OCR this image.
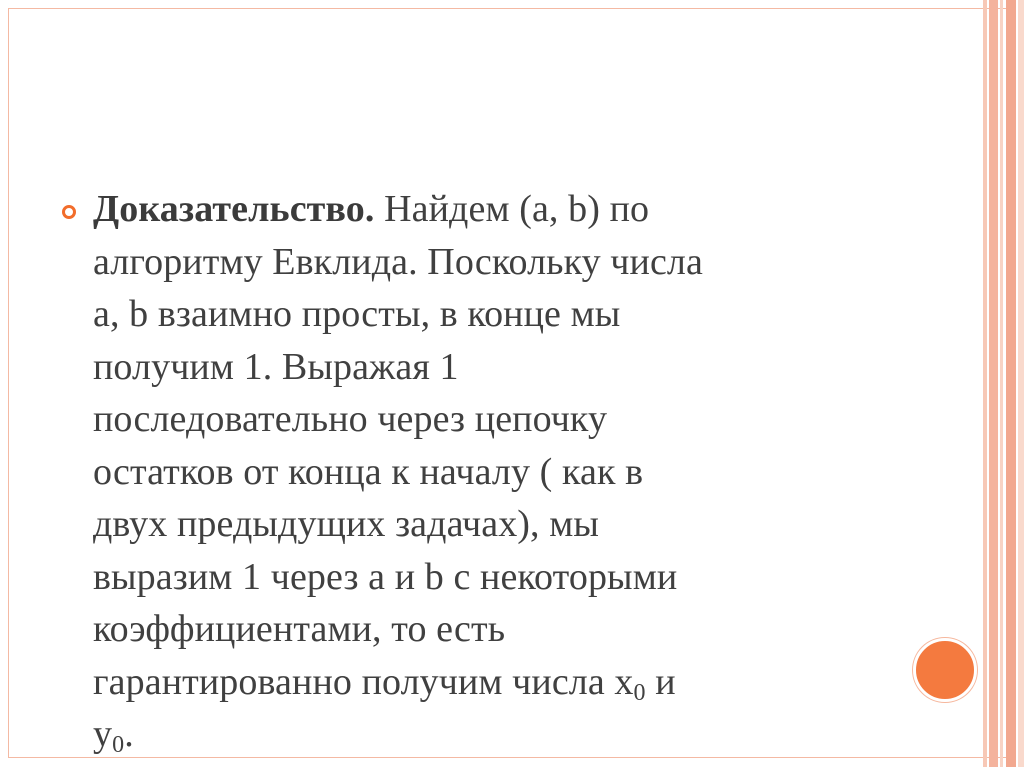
Доказательство. Найдем (a, b) по
алгоритму Евклида. Поскольку числа
a, b взаимно просты, в конце мы
получим 1. Выражая 1
последовательно через цепочку
остатков от конца к началу ( как в
двух предыдущих задачах), мы
выразим 1 через a и b с некоторыми
коэффициентами, то есть
гарантированно получим числа $x_0$ и
$y_0$.
